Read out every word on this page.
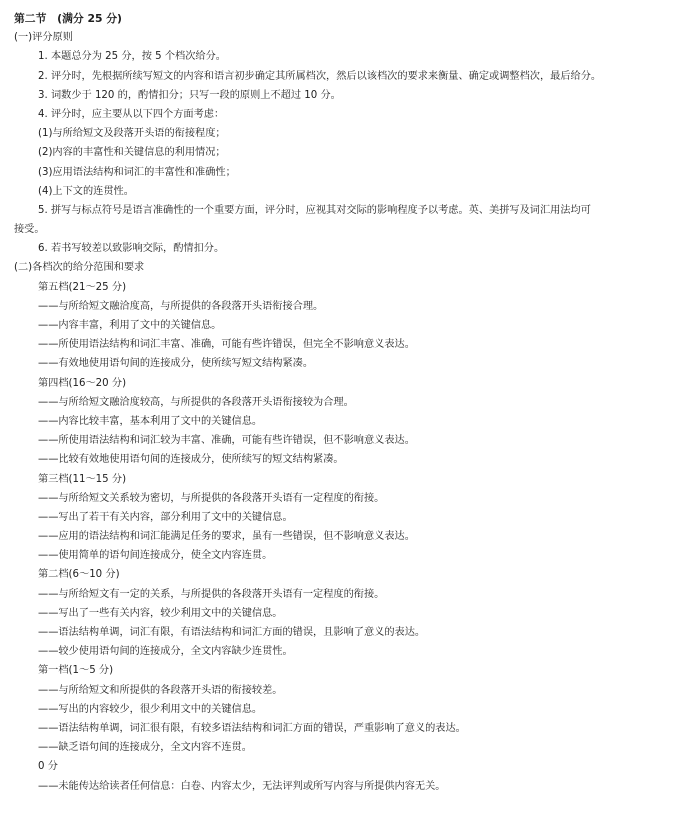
第二节　(满分 25 分)
(一)评分原则
1. 本题总分为 25 分，按 5 个档次给分。
2. 评分时，先根据所续写短文的内容和语言初步确定其所属档次，然后以该档次的要求来衡量、确定或调整档次，最后给分。
3. 词数少于 120 的，酌情扣分；只写一段的原则上不超过 10 分。
4. 评分时，应主要从以下四个方面考虑：
(1)与所给短文及段落开头语的衔接程度；
(2)内容的丰富性和关键信息的利用情况；
(3)应用语法结构和词汇的丰富性和准确性；
(4)上下文的连贯性。
5. 拼写与标点符号是语言准确性的一个重要方面，评分时，应视其对交际的影响程度予以考虑。英、美拼写及词汇用法均可
接受。
6. 若书写较差以致影响交际，酌情扣分。
(二)各档次的给分范围和要求
第五档(21～25 分)
——与所给短文融洽度高，与所提供的各段落开头语衔接合理。
——内容丰富，利用了文中的关键信息。
——所使用语法结构和词汇丰富、准确，可能有些许错误，但完全不影响意义表达。
——有效地使用语句间的连接成分，使所续写短文结构紧凑。
第四档(16～20 分)
——与所给短文融洽度较高，与所提供的各段落开头语衔接较为合理。
——内容比较丰富，基本利用了文中的关键信息。
——所使用语法结构和词汇较为丰富、准确，可能有些许错误，但不影响意义表达。
——比较有效地使用语句间的连接成分，使所续写的短文结构紧凑。
第三档(11～15 分)
——与所给短文关系较为密切，与所提供的各段落开头语有一定程度的衔接。
——写出了若干有关内容，部分利用了文中的关键信息。
——应用的语法结构和词汇能满足任务的要求，虽有一些错误，但不影响意义表达。
——使用简单的语句间连接成分，使全文内容连贯。
第二档(6～10 分)
——与所给短文有一定的关系，与所提供的各段落开头语有一定程度的衔接。
——写出了一些有关内容，较少利用文中的关键信息。
——语法结构单调，词汇有限，有语法结构和词汇方面的错误，且影响了意义的表达。
——较少使用语句间的连接成分，全文内容缺少连贯性。
第一档(1～5 分)
——与所给短文和所提供的各段落开头语的衔接较差。
——写出的内容较少，很少利用文中的关键信息。
——语法结构单调，词汇很有限，有较多语法结构和词汇方面的错误，严重影响了意义的表达。
——缺乏语句间的连接成分，全文内容不连贯。
0 分
——未能传达给读者任何信息：白卷、内容太少，无法评判或所写内容与所提供内容无关。
